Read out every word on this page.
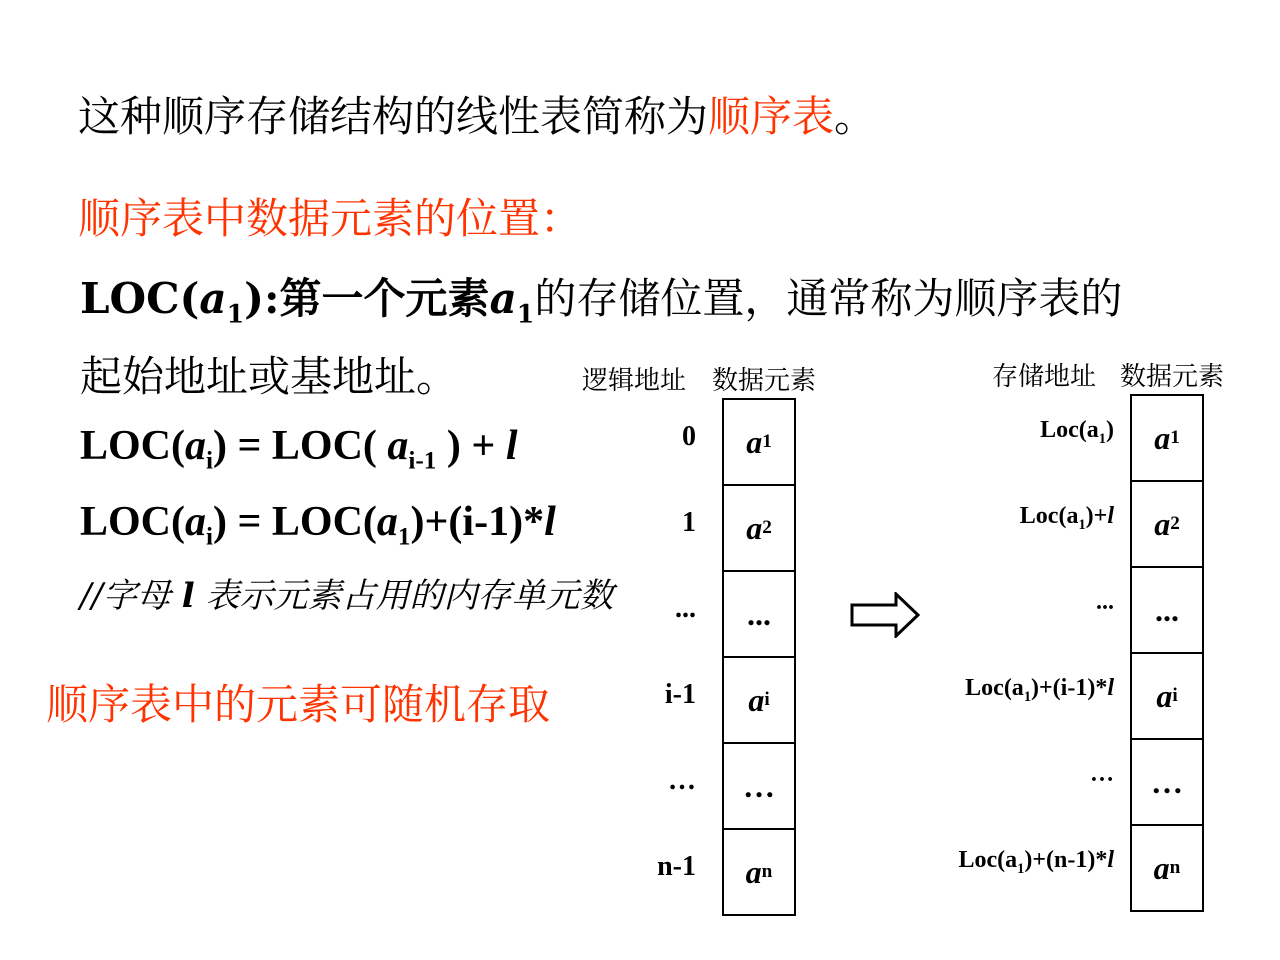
这种顺序存储结构的线性表简称为顺序表。
顺序表中数据元素的位置：
$LOC(a_1)$:第一个元素$a_1$的存储位置，通常称为顺序表的
起始地址或基地址。
$LOC(a_i) = LOC$( $a_{i-1}$ ) + l
$LOC(a_i) = LOC(a_1)+(i-1)*l$
//字母 l 表示元素占用的内存单元数
顺序表中的元素可随机存取
逻辑地址 数据元素
0
1
...
i-1
…
n-1
a 1
a 2
...
a i
…
a n
存储地址 数据元素
$Loc(a_1)$
$Loc(a_1)+l$
...
$Loc(a_1)+(i-1)*l$
…
$Loc(a_1)+(n-1)*l$
a 1
a 2
...
a i
…
a n
